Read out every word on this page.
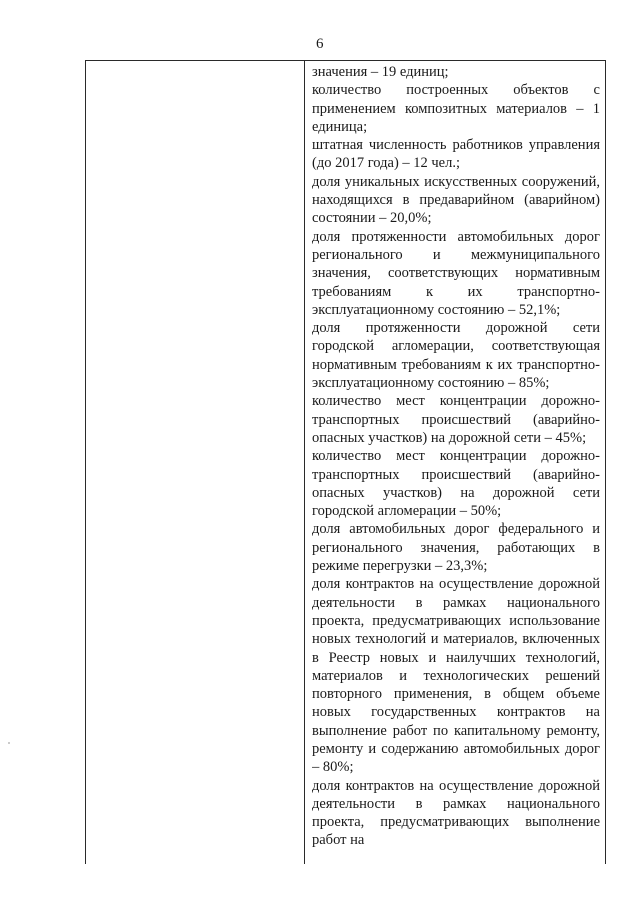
6

значения – 19 единиц;

количество построенных объектов с применением композитных материалов – 1 единица;

штатная численность работников управления (до 2017 года) – 12 чел.;

доля уникальных искусственных сооружений, находящихся в предаварийном (аварийном) состоянии – 20,0%;

доля протяженности автомобильных дорог регионального и межмуниципального значения, соответствующих нормативным требованиям к их транспортно-эксплуатационному состоянию – 52,1%;

доля протяженности дорожной сети городской агломерации, соответствующая нормативным требованиям к их транспортно-эксплуатационному состоянию – 85%;

количество мест концентрации дорожно-транспортных происшествий (аварийно-опасных участков) на дорожной сети – 45%;

количество мест концентрации дорожно-транспортных происшествий (аварийно-опасных участков) на дорожной сети городской агломерации – 50%;

доля автомобильных дорог федерального и регионального значения, работающих в режиме перегрузки – 23,3%;

доля контрактов на осуществление дорожной деятельности в рамках национального проекта, предусматривающих использование новых технологий и материалов, включенных в Реестр новых и наилучших технологий, материалов и технологических решений повторного применения, в общем объеме новых государственных контрактов на выполнение работ по капитальному ремонту, ремонту и содержанию автомобильных дорог – 80%;

доля контрактов на осуществление дорожной деятельности в рамках национального проекта, предусматривающих выполнение работ на
